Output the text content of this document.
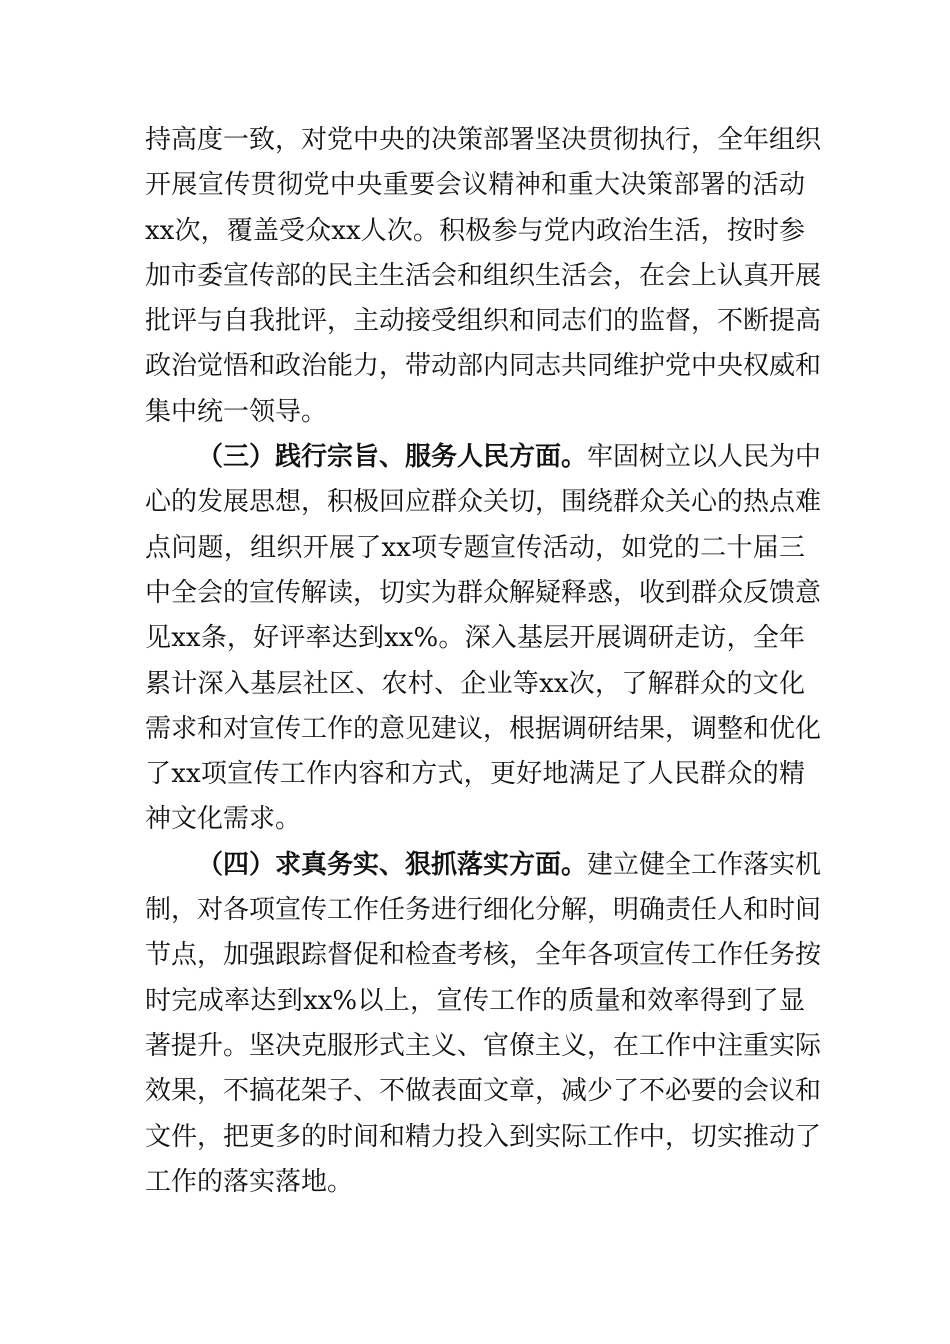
持高度一致，对党中央的决策部署坚决贯彻执行，全年组织
开展宣传贯彻党中央重要会议精神和重大决策部署的活动
xx次，覆盖受众xx人次。积极参与党内政治生活，按时参
加市委宣传部的民主生活会和组织生活会，在会上认真开展
批评与自我批评，主动接受组织和同志们的监督，不断提高
政治觉悟和政治能力，带动部内同志共同维护党中央权威和
集中统一领导。
（三）践行宗旨、服务人民方面。牢固树立以人民为中
心的发展思想，积极回应群众关切，围绕群众关心的热点难
点问题，组织开展了xx项专题宣传活动，如党的二十届三
中全会的宣传解读，切实为群众解疑释惑，收到群众反馈意
见xx条，好评率达到xx%。深入基层开展调研走访，全年
累计深入基层社区、农村、企业等xx次，了解群众的文化
需求和对宣传工作的意见建议，根据调研结果，调整和优化
了xx项宣传工作内容和方式，更好地满足了人民群众的精
神文化需求。
（四）求真务实、狠抓落实方面。建立健全工作落实机
制，对各项宣传工作任务进行细化分解，明确责任人和时间
节点，加强跟踪督促和检查考核，全年各项宣传工作任务按
时完成率达到xx%以上，宣传工作的质量和效率得到了显
著提升。坚决克服形式主义、官僚主义，在工作中注重实际
效果，不搞花架子、不做表面文章，减少了不必要的会议和
文件，把更多的时间和精力投入到实际工作中，切实推动了
工作的落实落地。
